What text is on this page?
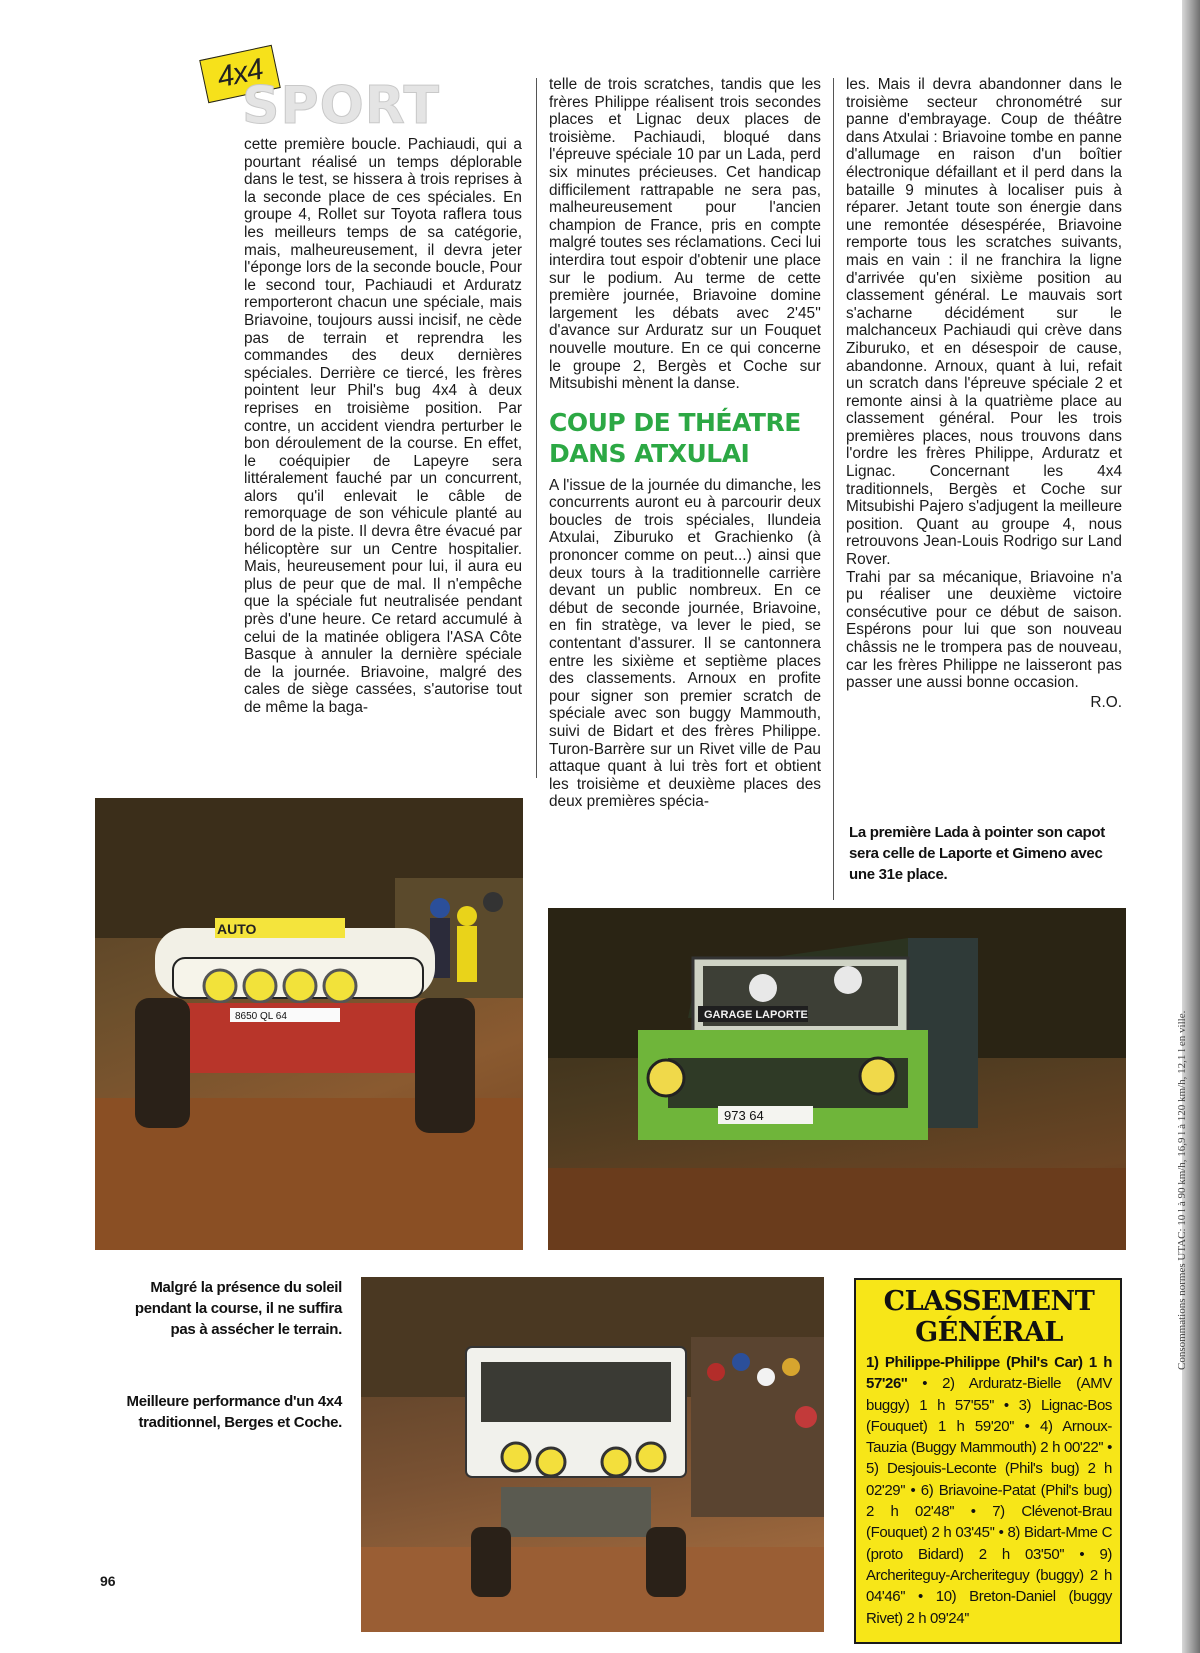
Consommations normes UTAC: 10 l à 90 km/h, 16,9 l à 120 km/h, 12,1 l en ville.
4x4
SPORT

cette première boucle. Pachiaudi, qui a pourtant réalisé un temps déplorable dans le test, se hissera à trois reprises à la seconde place de ces spéciales. En groupe 4, Rollet sur Toyota raflera tous les meilleurs temps de sa catégorie, mais, malheureusement, il devra jeter l'éponge lors de la seconde boucle, Pour le second tour, Pachiaudi et Arduratz remporteront chacun une spéciale, mais Briavoine, toujours aussi incisif, ne cède pas de terrain et reprendra les commandes des deux dernières spéciales. Derrière ce tiercé, les frères pointent leur Phil's bug 4x4 à deux reprises en troisième position. Par contre, un accident viendra perturber le bon déroulement de la course. En effet, le coéquipier de Lapeyre sera littéralement fauché par un concurrent, alors qu'il enlevait le câble de remorquage de son véhicule planté au bord de la piste. Il devra être évacué par hélicoptère sur un Centre hospitalier. Mais, heureusement pour lui, il aura eu plus de peur que de mal. Il n'empêche que la spéciale fut neutralisée pendant près d'une heure. Ce retard accumulé à celui de la matinée obligera l'ASA Côte Basque à annuler la dernière spéciale de la journée. Briavoine, malgré des cales de siège cassées, s'autorise tout de même la baga-

telle de trois scratches, tandis que les frères Philippe réalisent trois secondes places et Lignac deux places de troisième. Pachiaudi, bloqué dans l'épreuve spéciale 10 par un Lada, perd six minutes précieuses. Cet handicap difficilement rattrapable ne sera pas, malheureusement pour l'ancien champion de France, pris en compte malgré toutes ses réclamations. Ceci lui interdira tout espoir d'obtenir une place sur le podium. Au terme de cette première journée, Briavoine domine largement les débats avec 2'45'' d'avance sur Arduratz sur un Fouquet nouvelle mouture. En ce qui concerne le groupe 2, Bergès et Coche sur Mitsubishi mènent la danse.

COUP DE THÉATRE
DANS ATXULAI

A l'issue de la journée du dimanche, les concurrents auront eu à parcourir deux boucles de trois spéciales, Ilundeia Atxulai, Ziburuko et Grachienko (à prononcer comme on peut...) ainsi que deux tours à la traditionnelle carrière devant un public nombreux. En ce début de seconde journée, Briavoine, en fin stratège, va lever le pied, se contentant d'assurer. Il se cantonnera entre les sixième et septième places des classements. Arnoux en profite pour signer son premier scratch de spéciale avec son buggy Mammouth, suivi de Bidart et des frères Philippe. Turon-Barrère sur un Rivet ville de Pau attaque quant à lui très fort et obtient les troisième et deuxième places des deux premières spécia-

les. Mais il devra abandonner dans le troisième secteur chronométré sur panne d'embrayage. Coup de théâtre dans Atxulai : Briavoine tombe en panne d'allumage en raison d'un boîtier électronique défaillant et il perd dans la bataille 9 minutes à localiser puis à réparer. Jetant toute son énergie dans une remontée désespérée, Briavoine remporte tous les scratches suivants, mais en vain : il ne franchira la ligne d'arrivée qu'en sixième position au classement général. Le mauvais sort s'acharne décidément sur le malchanceux Pachiaudi qui crève dans Ziburuko, et en désespoir de cause, abandonne. Arnoux, quant à lui, refait un scratch dans l'épreuve spéciale 2 et remonte ainsi à la quatrième place au classement général. Pour les trois premières places, nous trouvons dans l'ordre les frères Philippe, Arduratz et Lignac. Concernant les 4x4 traditionnels, Bergès et Coche sur Mitsubishi Pajero s'adjugent la meilleure position. Quant au groupe 4, nous retrouvons Jean-Louis Rodrigo sur Land Rover.

Trahi par sa mécanique, Briavoine n'a pu réaliser une deuxième victoire consécutive pour ce début de saison. Espérons pour lui que son nouveau châssis ne le trompera pas de nouveau, car les frères Philippe ne laisseront pas passer une aussi bonne occasion.

R.O.

AUTO
8650 QL 64	GARAGE LAPORTE
973 64
La première Lada à pointer son capot sera celle de Laporte et Gimeno avec une 31e place.
Malgré la présence du soleil pendant la course, il ne suffira pas à assécher le terrain.
Meilleure performance d'un 4x4 traditionnel, Berges et Coche.
CLASSEMENT
GÉNÉRAL
1) Philippe-Philippe (Phil's Car) 1 h 57'26'' • 2) Arduratz-Bielle (AMV buggy) 1 h 57'55'' • 3) Lignac-Bos (Fouquet) 1 h 59'20'' • 4) Arnoux-Tauzia (Buggy Mammouth) 2 h 00'22'' • 5) Desjouis-Leconte (Phil's bug) 2 h 02'29'' • 6) Briavoine-Patat (Phil's bug) 2 h 02'48'' • 7) Clévenot-Brau (Fouquet) 2 h 03'45'' • 8) Bidart-Mme C (proto Bidard) 2 h 03'50'' • 9) Archeriteguy-Archeriteguy (buggy) 2 h 04'46'' • 10) Breton-Daniel (buggy Rivet) 2 h 09'24''
96
